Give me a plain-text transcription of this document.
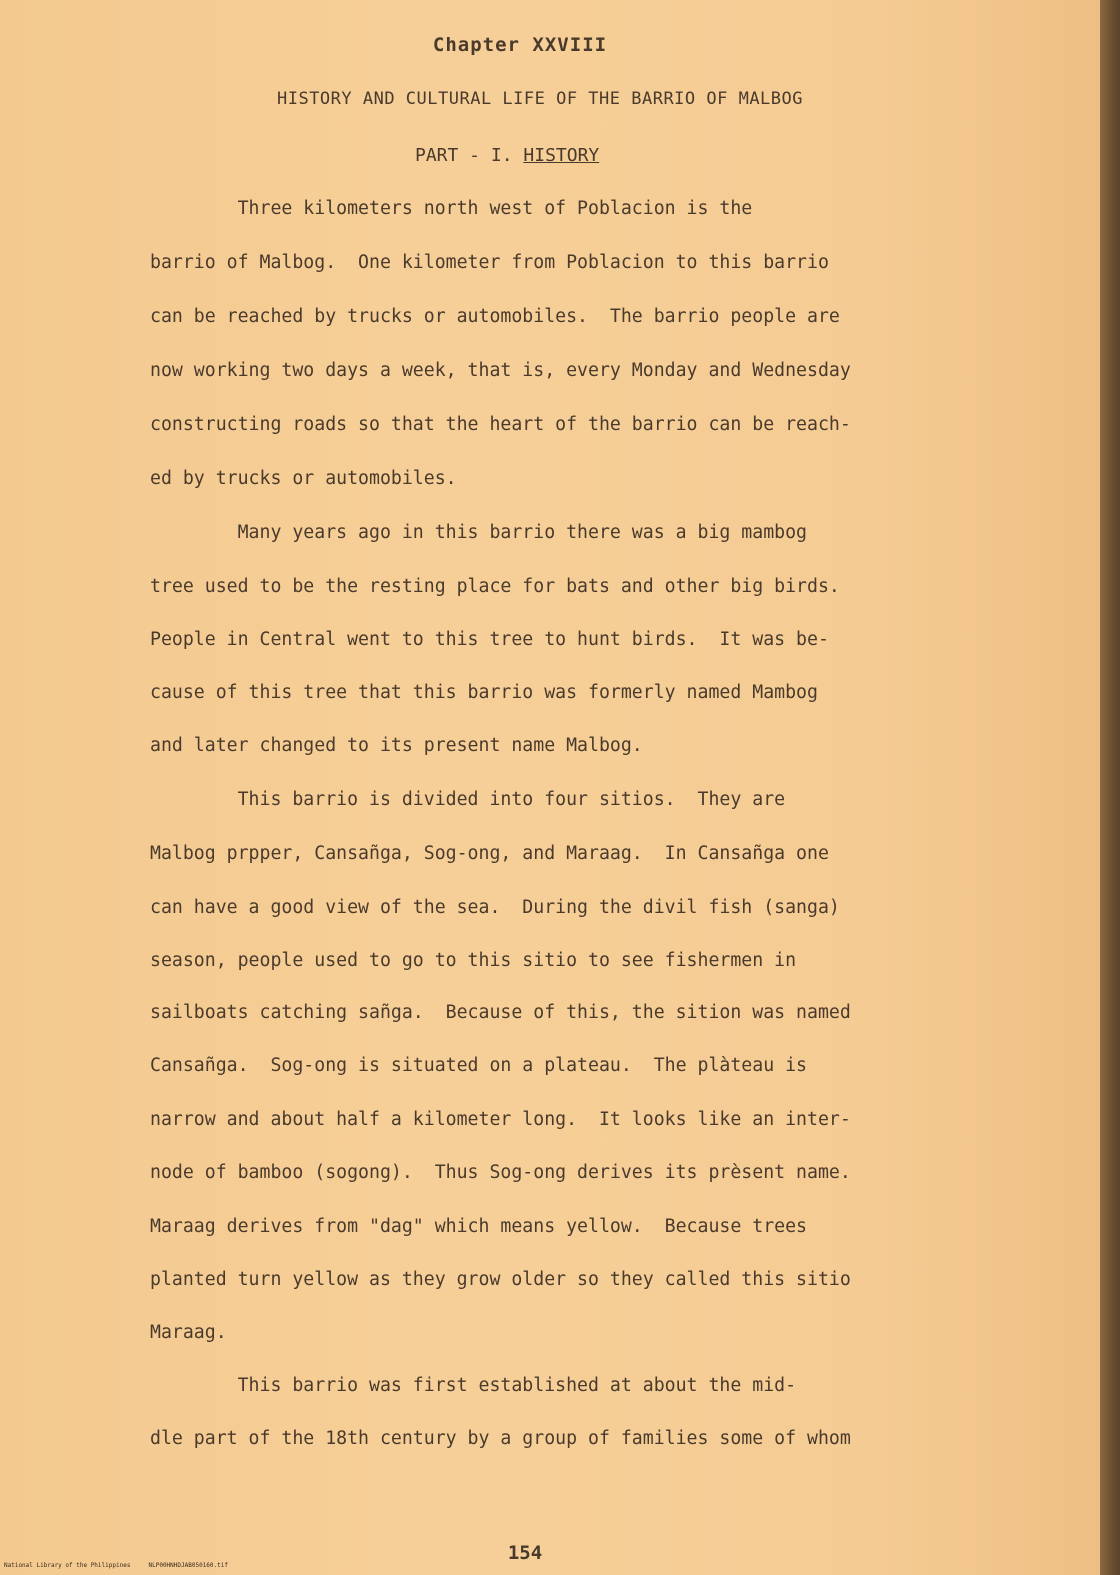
Chapter XXVIII
HISTORY AND CULTURAL LIFE OF THE BARRIO OF MALBOG
PART - I. HISTORY
Three kilometers north west of Poblacion is the
barrio of Malbog.  One kilometer from Poblacion to this barrio
can be reached by trucks or automobiles.  The barrio people are
now working two days a week, that is, every Monday and Wednesday
constructing roads so that the heart of the barrio can be reach-
ed by trucks or automobiles.
Many years ago in this barrio there was a big mambog
tree used to be the resting place for bats and other big birds.
People in Central went to this tree to hunt birds.  It was be-
cause of this tree that this barrio was formerly named Mambog
and later changed to its present name Malbog.
This barrio is divided into four sitios.  They are
Malbog prpper, Cansañga, Sog-ong, and Maraag.  In Cansañga one
can have a good view of the sea.  During the divil fish (sanga)
season, people used to go to this sitio to see fishermen in
sailboats catching sañga.  Because of this, the sition was named
Cansañga.  Sog-ong is situated on a plateau.  The plàteau is
narrow and about half a kilometer long.  It looks like an inter-
node of bamboo (sogong).  Thus Sog-ong derives its prèsent name.
Maraag derives from "dag" which means yellow.  Because trees
planted turn yellow as they grow older so they called this sitio
Maraag.
This barrio was first established at about the mid-
dle part of the 18th century by a group of families some of whom
154
National Library of the Philippines     NLP00HNHDJAB050160.tif
